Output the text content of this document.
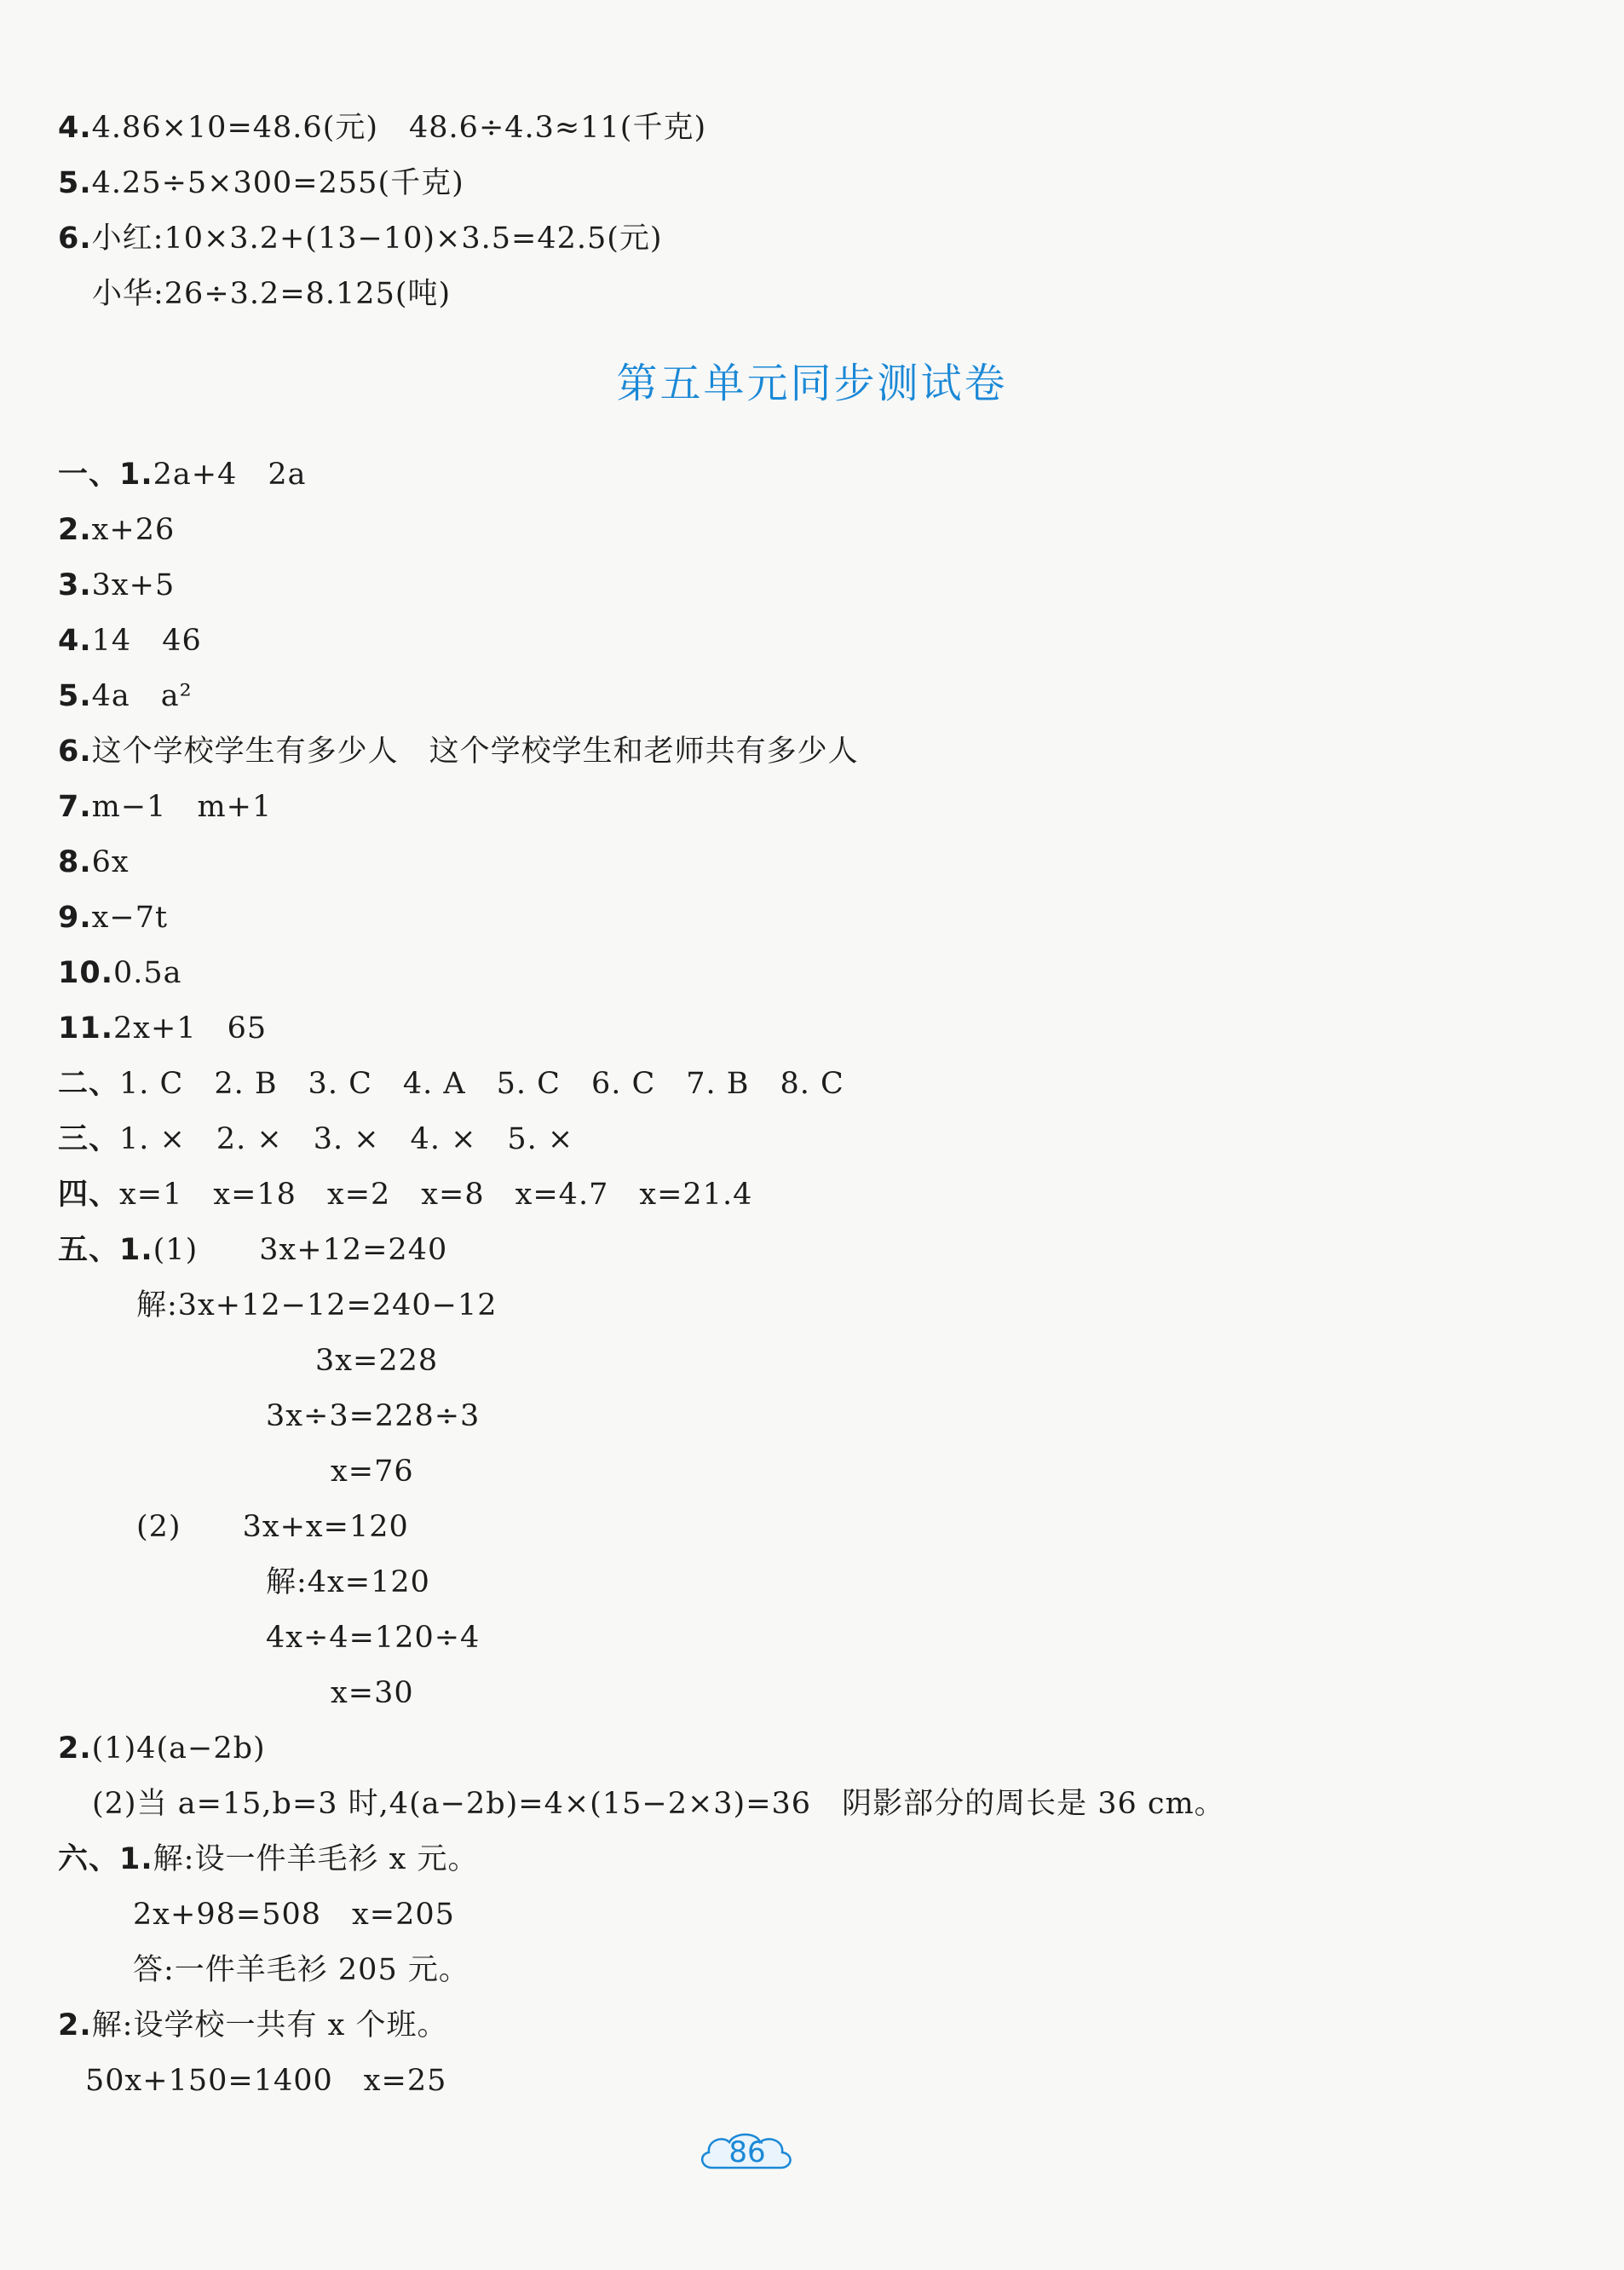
4.4.86×10=48.6(元)　48.6÷4.3≈11(千克)
5.4.25÷5×300=255(千克)
6.小红:10×3.2+(13−10)×3.5=42.5(元)
小华:26÷3.2=8.125(吨)
第五单元同步测试卷
一、1.2a+4　2a
2.x+26
3.3x+5
4.14　46
5.4a　a²
6.这个学校学生有多少人　这个学校学生和老师共有多少人
7.m−1　m+1
8.6x
9.x−7t
10.0.5a
11.2x+1　65
二、1. C　2. B　3. C　4. A　5. C　6. C　7. B　8. C
三、1. ×　2. ×　3. ×　4. ×　5. ×
四、x=1　x=18　x=2　x=8　x=4.7　x=21.4
五、1.(1)　　3x+12=240
解:3x+12−12=240−12
3x=228
3x÷3=228÷3
x=76
(2)　　3x+x=120
解:4x=120
4x÷4=120÷4
x=30
2.(1)4(a−2b)
(2)当 a=15,b=3 时,4(a−2b)=4×(15−2×3)=36　阴影部分的周长是 36 cm。
六、1.解:设一件羊毛衫 x 元。
2x+98=508　x=205
答:一件羊毛衫 205 元。
2.解:设学校一共有 x 个班。
50x+150=1400　x=25
86
